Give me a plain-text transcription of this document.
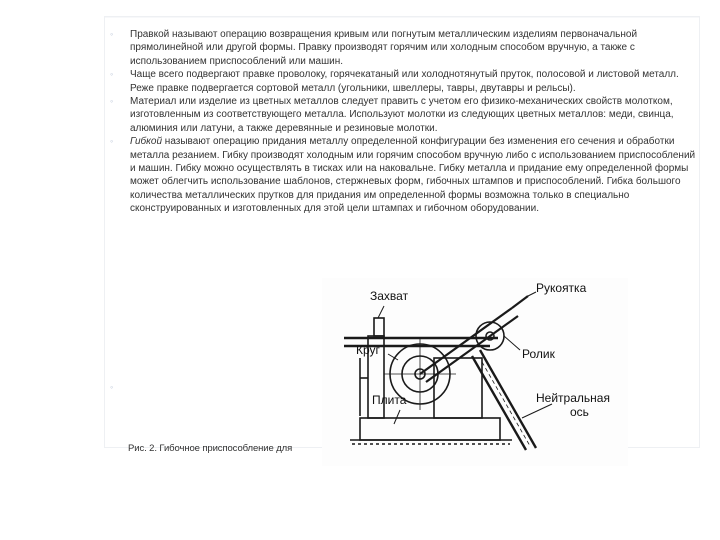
◦ Правкой называют операцию возвращения кривым или погнутым металлическим изделиям первоначальной прямолинейной или другой формы. Правку производят горячим или холодным способом вручную, а также с использованием приспособлений или машин.
◦ Чаще всего подвергают правке проволоку, горячекатаный или холоднотянутый пруток, полосовой и листовой металл. Реже правке подвергается сортовой металл (угольники, швеллеры, тавры, двутавры и рельсы).
◦ Материал или изделие из цветных металлов следует править с учетом его физико-механических свойств молотком, изготовленным из соответствующего металла. Используют молотки из следующих цветных металлов: меди, свинца, алюминия или латуни, а также деревянные и резиновые молотки.
◦ Гибкой называют операцию придания металлу определенной конфигурации без изменения его сечения и обработки металла резанием. Гибку производят холодным или горячим способом вручную либо с использованием приспособлений и машин. Гибку можно осуществлять в тисках или на наковальне. Гибку металла и придание ему определенной формы может облегчить использование шаблонов, стержневых форм, гибочных штампов и приспособлений. Гибка большого количества металлических прутков для придания им определенной формы возможна только в специально сконструированных и изготовленных для этой цели штампах и гибочном оборудовании.
◦
Захват
Рукоятка
Ролик
Круг
Плита	Нейтральная
ось
Рис. 2. Гибочное приспособление для
